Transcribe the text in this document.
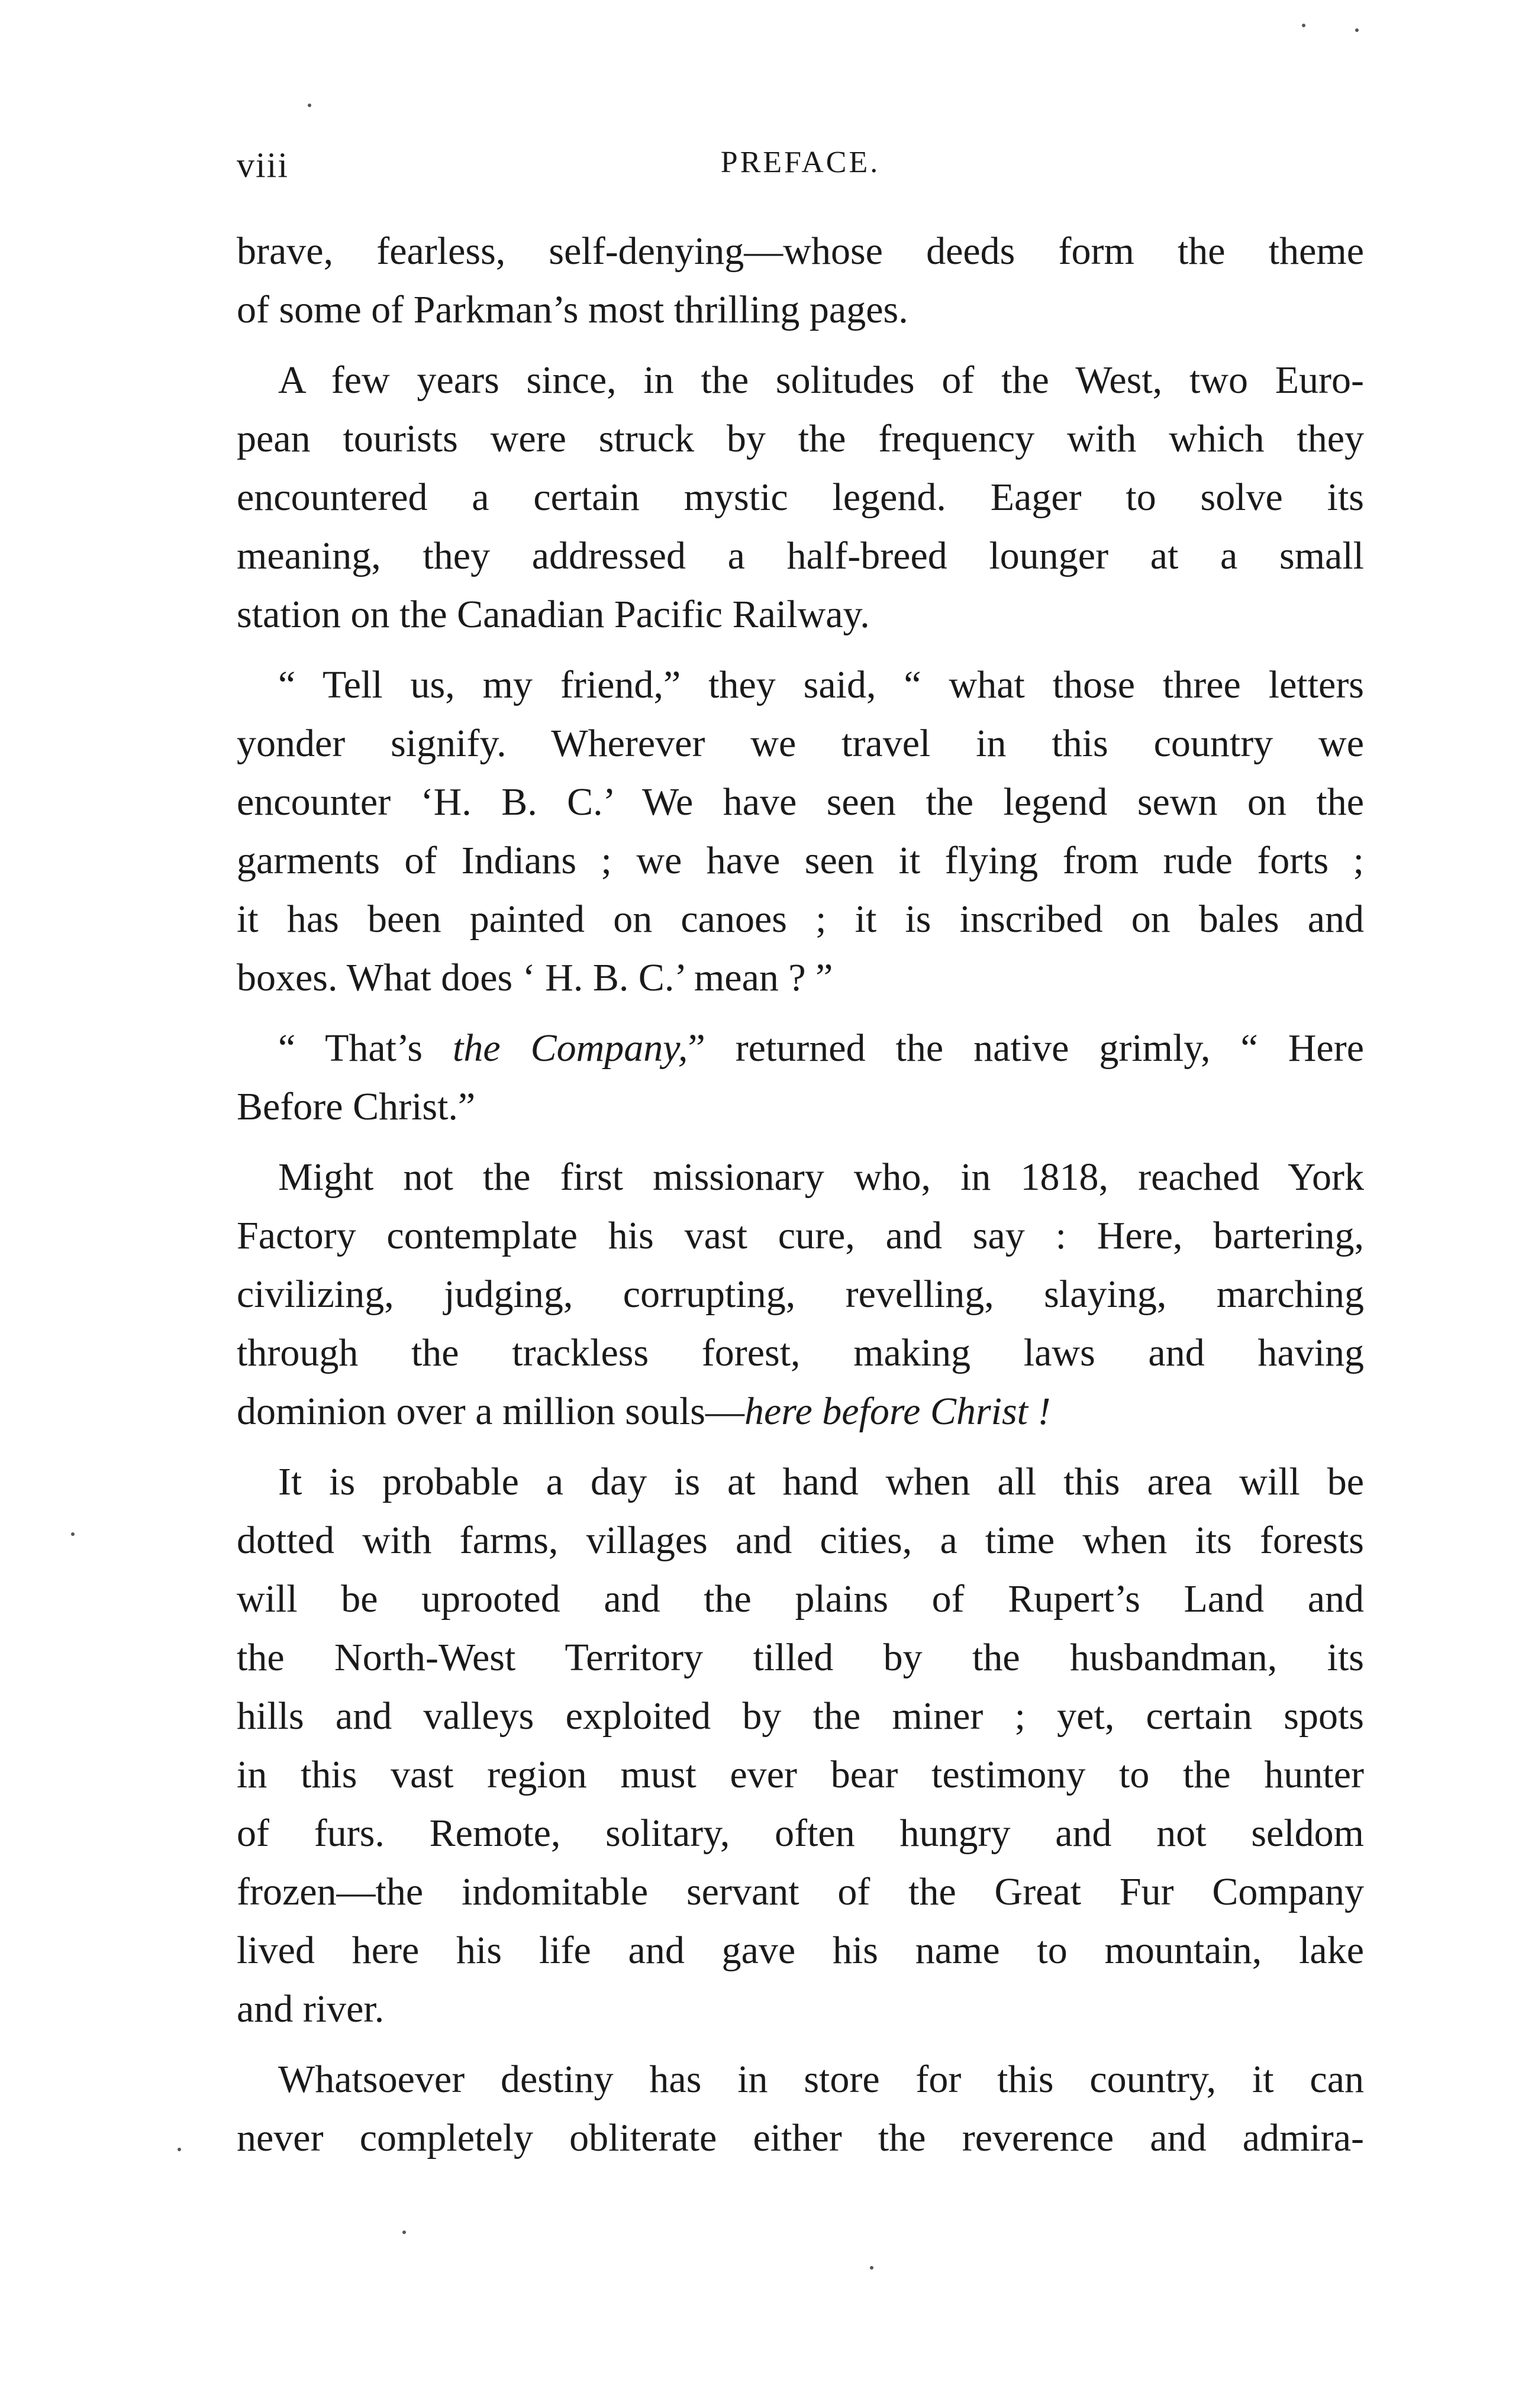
viii	PREFACE.
brave, fearless, self-denying—whose deeds form the theme
of some of Parkman’s most thrilling pages.
A few years since, in the solitudes of the West, two Euro-
pean tourists were struck by the frequency with which they
encountered a certain mystic legend. Eager to solve its
meaning, they addressed a half-breed lounger at a small
station on the Canadian Pacific Railway.
“ Tell us, my friend,” they said, “ what those three letters
yonder signify. Wherever we travel in this country we
encounter ‘H. B. C.’ We have seen the legend sewn on the
garments of Indians ; we have seen it flying from rude forts ;
it has been painted on canoes ; it is inscribed on bales and
boxes. What does ‘ H. B. C.’ mean ? ”
“ That’s the Company,” returned the native grimly, “ Here
Before Christ.”
Might not the first missionary who, in 1818, reached York
Factory contemplate his vast cure, and say : Here, bartering,
civilizing, judging, corrupting, revelling, slaying, marching
through the trackless forest, making laws and having
dominion over a million souls—here before Christ !
It is probable a day is at hand when all this area will be
dotted with farms, villages and cities, a time when its forests
will be uprooted and the plains of Rupert’s Land and
the North-West Territory tilled by the husbandman, its
hills and valleys exploited by the miner ; yet, certain spots
in this vast region must ever bear testimony to the hunter
of furs. Remote, solitary, often hungry and not seldom
frozen—the indomitable servant of the Great Fur Company
lived here his life and gave his name to mountain, lake
and river.
Whatsoever destiny has in store for this country, it can
never completely obliterate either the reverence and admira-
